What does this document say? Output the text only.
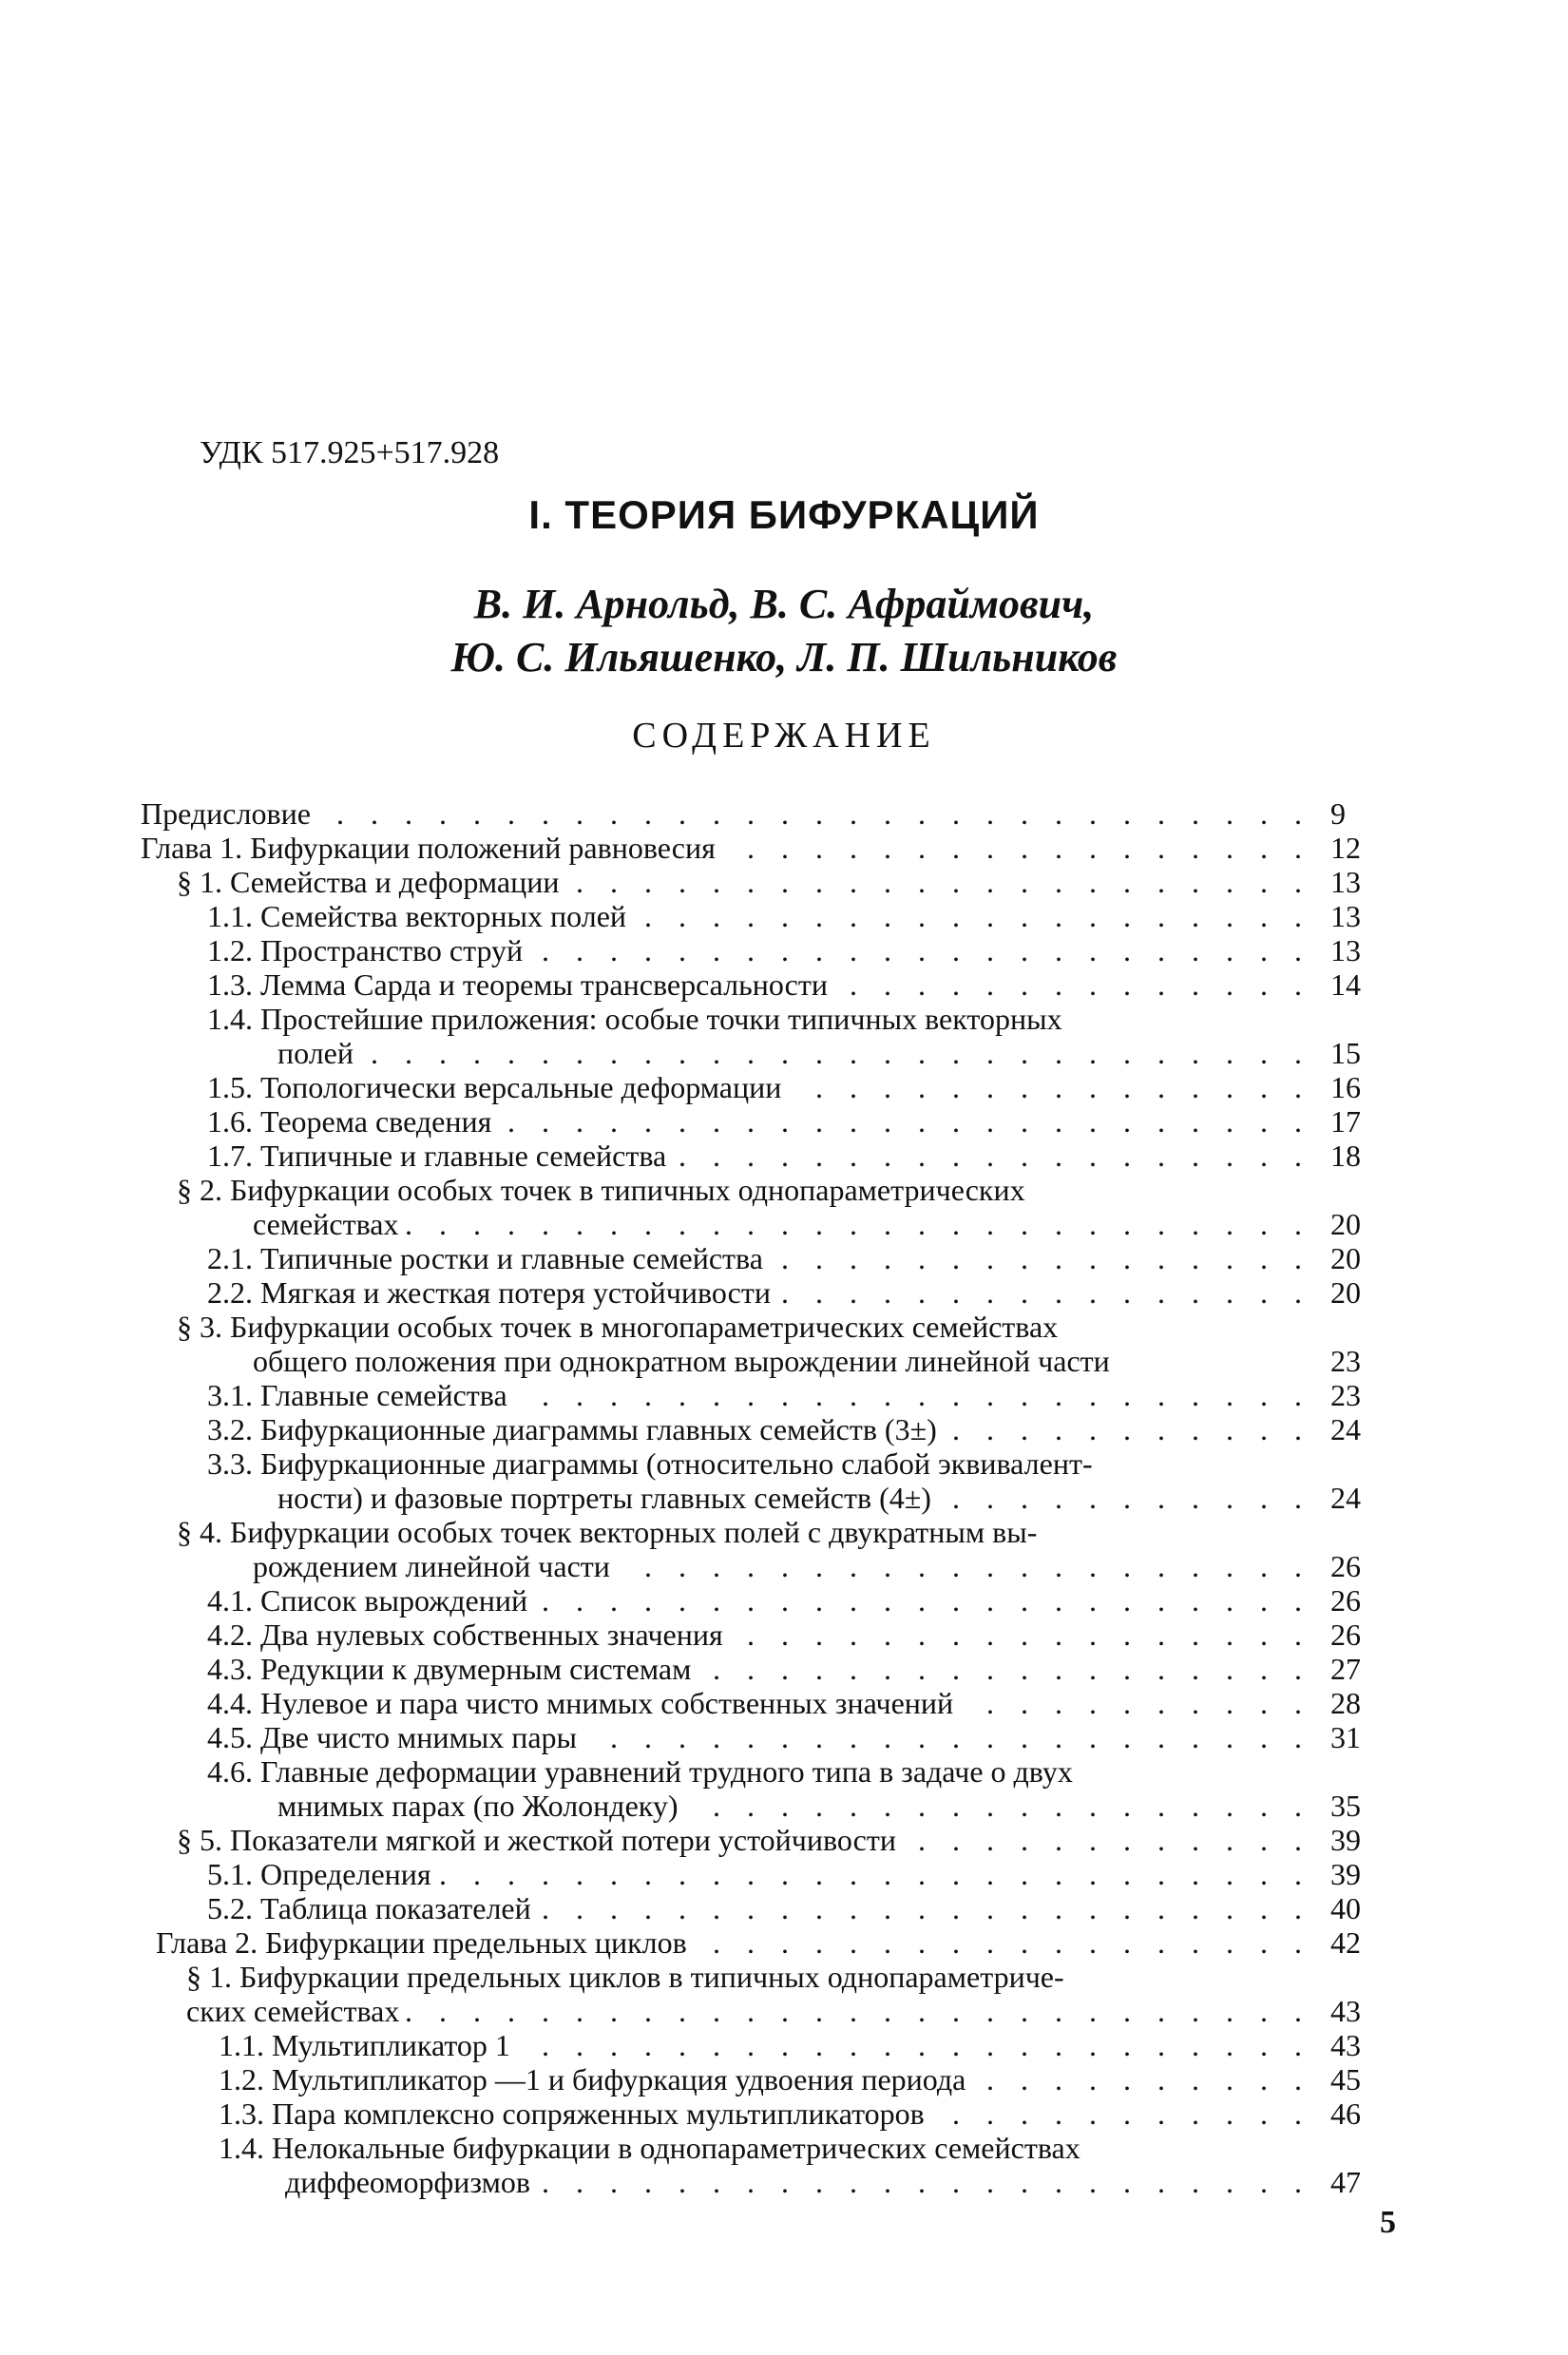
УДК 517.925+517.928
I. ТЕОРИЯ БИФУРКАЦИЙ
В. И. Арнольд, В. С. Афраймович,
Ю. С. Ильяшенко, Л. П. Шильников
СОДЕРЖАНИЕ
Предисловие . . .	9
Глава 1. Бифуркации положений равновесия . . .	12
§ 1. Семейства и деформации . . .	13
1.1. Семейства векторных полей . . .	13
1.2. Пространство струй . . .	13
1.3. Лемма Сарда и теоремы трансверсальности . . .	14
1.4. Простейшие приложения: особые точки типичных векторных
полей . . .	15
1.5. Топологически версальные деформации . . .	16
1.6. Теорема сведения . . .	17
1.7. Типичные и главные семейства . . .	18
§ 2. Бифуркации особых точек в типичных однопараметрических
семействах . . .	20
2.1. Типичные ростки и главные семейства . . .	20
2.2. Мягкая и жесткая потеря устойчивости . . .	20
§ 3. Бифуркации особых точек в многопараметрических семействах
общего положения при однократном вырождении линейной части	23
3.1. Главные семейства . . .	23
3.2. Бифуркационные диаграммы главных семейств (3±) . . .	24
3.3. Бифуркационные диаграммы (относительно слабой эквивалент-
ности) и фазовые портреты главных семейств (4±) . . .	24
§ 4. Бифуркации особых точек векторных полей с двукратным вы-
рождением линейной части . . .	26
4.1. Список вырождений . . .	26
4.2. Два нулевых собственных значения . . .	26
4.3. Редукции к двумерным системам . . .	27
4.4. Нулевое и пара чисто мнимых собственных значений . . .	28
4.5. Две чисто мнимых пары . . .	31
4.6. Главные деформации уравнений трудного типа в задаче о двух
мнимых парах (по Жолондеку) . . .	35
§ 5. Показатели мягкой и жесткой потери устойчивости . . .	39
5.1. Определения . . .	39
5.2. Таблица показателей . . .	40
Глава 2. Бифуркации предельных циклов . . .	42
§ 1. Бифуркации предельных циклов в типичных однопараметриче-
ских семействах . . .	43
1.1. Мультипликатор 1 . . .	43
1.2. Мультипликатор —1 и бифуркация удвоения периода . . .	45
1.3. Пара комплексно сопряженных мультипликаторов . . .	46
1.4. Нелокальные бифуркации в однопараметрических семействах
диффеоморфизмов . . .	47
5
